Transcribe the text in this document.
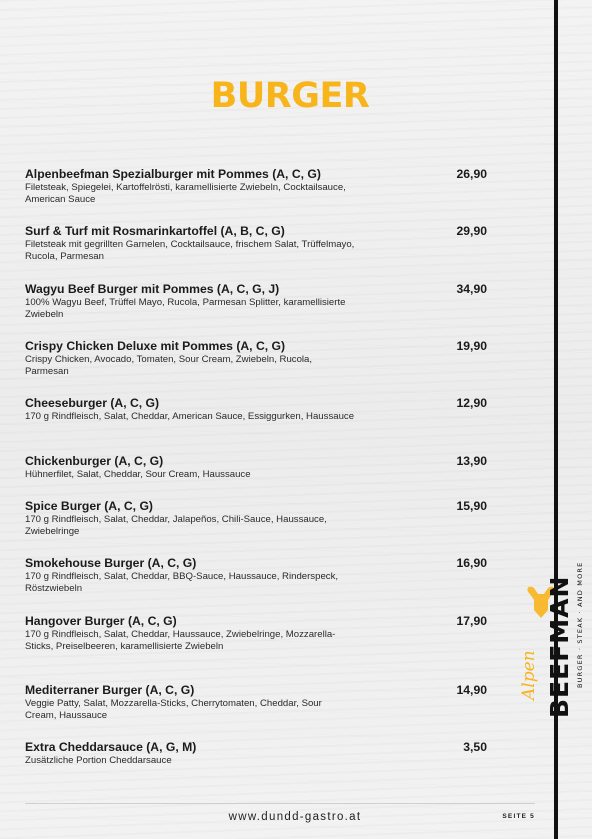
BURGER
Alpenbeefman Spezialburger mit Pommes (A, C, G)
Filetsteak, Spiegelei, Kartoffelrösti, karamellisierte Zwiebeln, Cocktailsauce, American Sauce
26,90
Surf & Turf mit Rosmarinkartoffel (A, B, C, G)
Filetsteak mit gegrillten Garnelen, Cocktailsauce, frischem Salat, Trüffelmayo, Rucola, Parmesan
29,90
Wagyu Beef Burger mit Pommes (A, C, G, J)
100% Wagyu Beef, Trüffel Mayo, Rucola, Parmesan Splitter, karamellisierte Zwiebeln
34,90
Crispy Chicken Deluxe mit Pommes (A, C, G)
Crispy Chicken, Avocado, Tomaten, Sour Cream, Zwiebeln, Rucola, Parmesan
19,90
Cheeseburger (A, C, G)
170 g Rindfleisch, Salat, Cheddar, American Sauce, Essiggurken, Haussauce
12,90
Chickenburger (A, C, G)
Hühnerfilet, Salat, Cheddar, Sour Cream, Haussauce
13,90
Spice Burger (A, C, G)
170 g Rindfleisch, Salat, Cheddar, Jalapeños, Chili-Sauce, Haussauce, Zwiebelringe
15,90
Smokehouse Burger (A, C, G)
170 g Rindfleisch, Salat, Cheddar, BBQ-Sauce, Haussauce, Rinderspeck, Röstzwiebeln
16,90
Hangover Burger (A, C, G)
170 g Rindfleisch, Salat, Cheddar, Haussauce, Zwiebelringe, Mozzarella-Sticks, Preiselbeeren, karamellisierte Zwiebeln
17,90
Mediterraner Burger (A, C, G)
Veggie Patty, Salat, Mozzarella-Sticks, Cherrytomaten, Cheddar, Sour Cream, Haussauce
14,90
Extra Cheddarsauce (A, G, M)
Zusätzliche Portion Cheddarsauce
3,50
Alpen BEEFMAN BURGER · STEAK · AND MORE
www.dundd-gastro.at	SEITE 5
